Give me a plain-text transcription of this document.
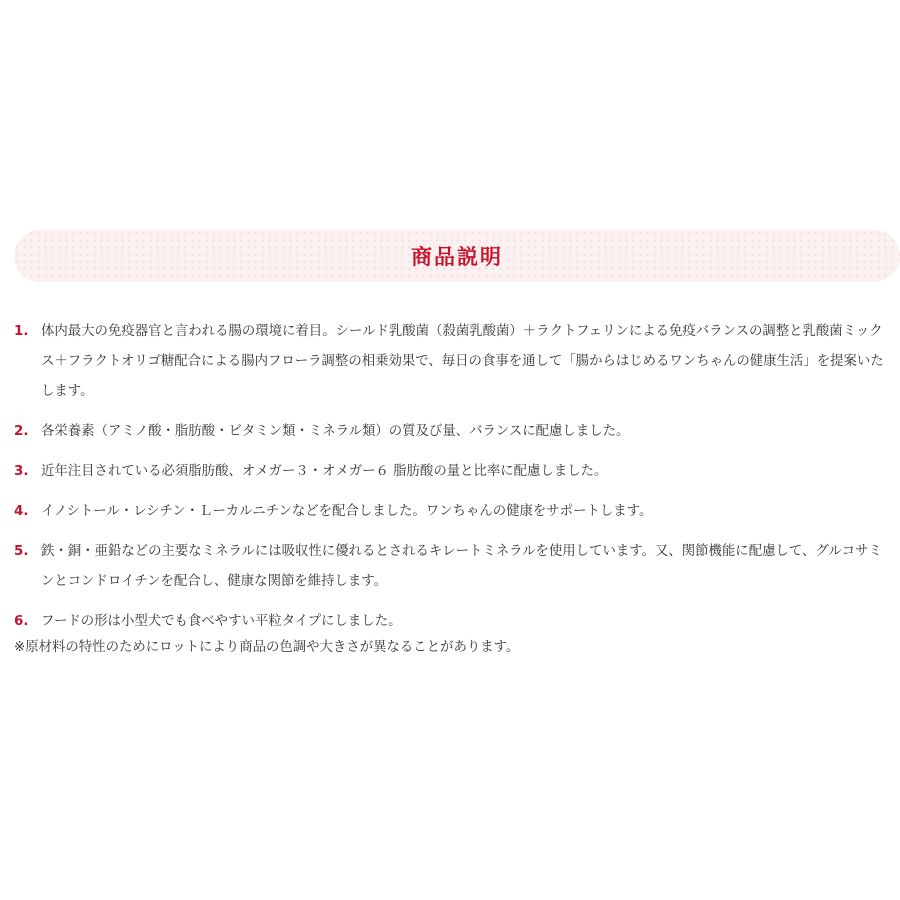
商品説明
1. 体内最大の免疫器官と言われる腸の環境に着目。シールド乳酸菌（殺菌乳酸菌）＋ラクトフェリンによる免疫バランスの調整と乳酸菌ミックス＋フラクトオリゴ糖配合による腸内フローラ調整の相乗効果で、毎日の食事を通して「腸からはじめるワンちゃんの健康生活」を提案いたします。
2. 各栄養素（アミノ酸・脂肪酸・ビタミン類・ミネラル類）の質及び量、バランスに配慮しました。
3. 近年注目されている必須脂肪酸、オメガー３・オメガー６ 脂肪酸の量と比率に配慮しました。
4. イノシトール・レシチン・Ｌーカルニチンなどを配合しました。ワンちゃんの健康をサポートします。
5. 鉄・銅・亜鉛などの主要なミネラルには吸収性に優れるとされるキレートミネラルを使用しています。又、関節機能に配慮して、グルコサミンとコンドロイチンを配合し、健康な関節を維持します。
6. フードの形は小型犬でも食べやすい平粒タイプにしました。
※原材料の特性のためにロットにより商品の色調や大きさが異なることがあります。
